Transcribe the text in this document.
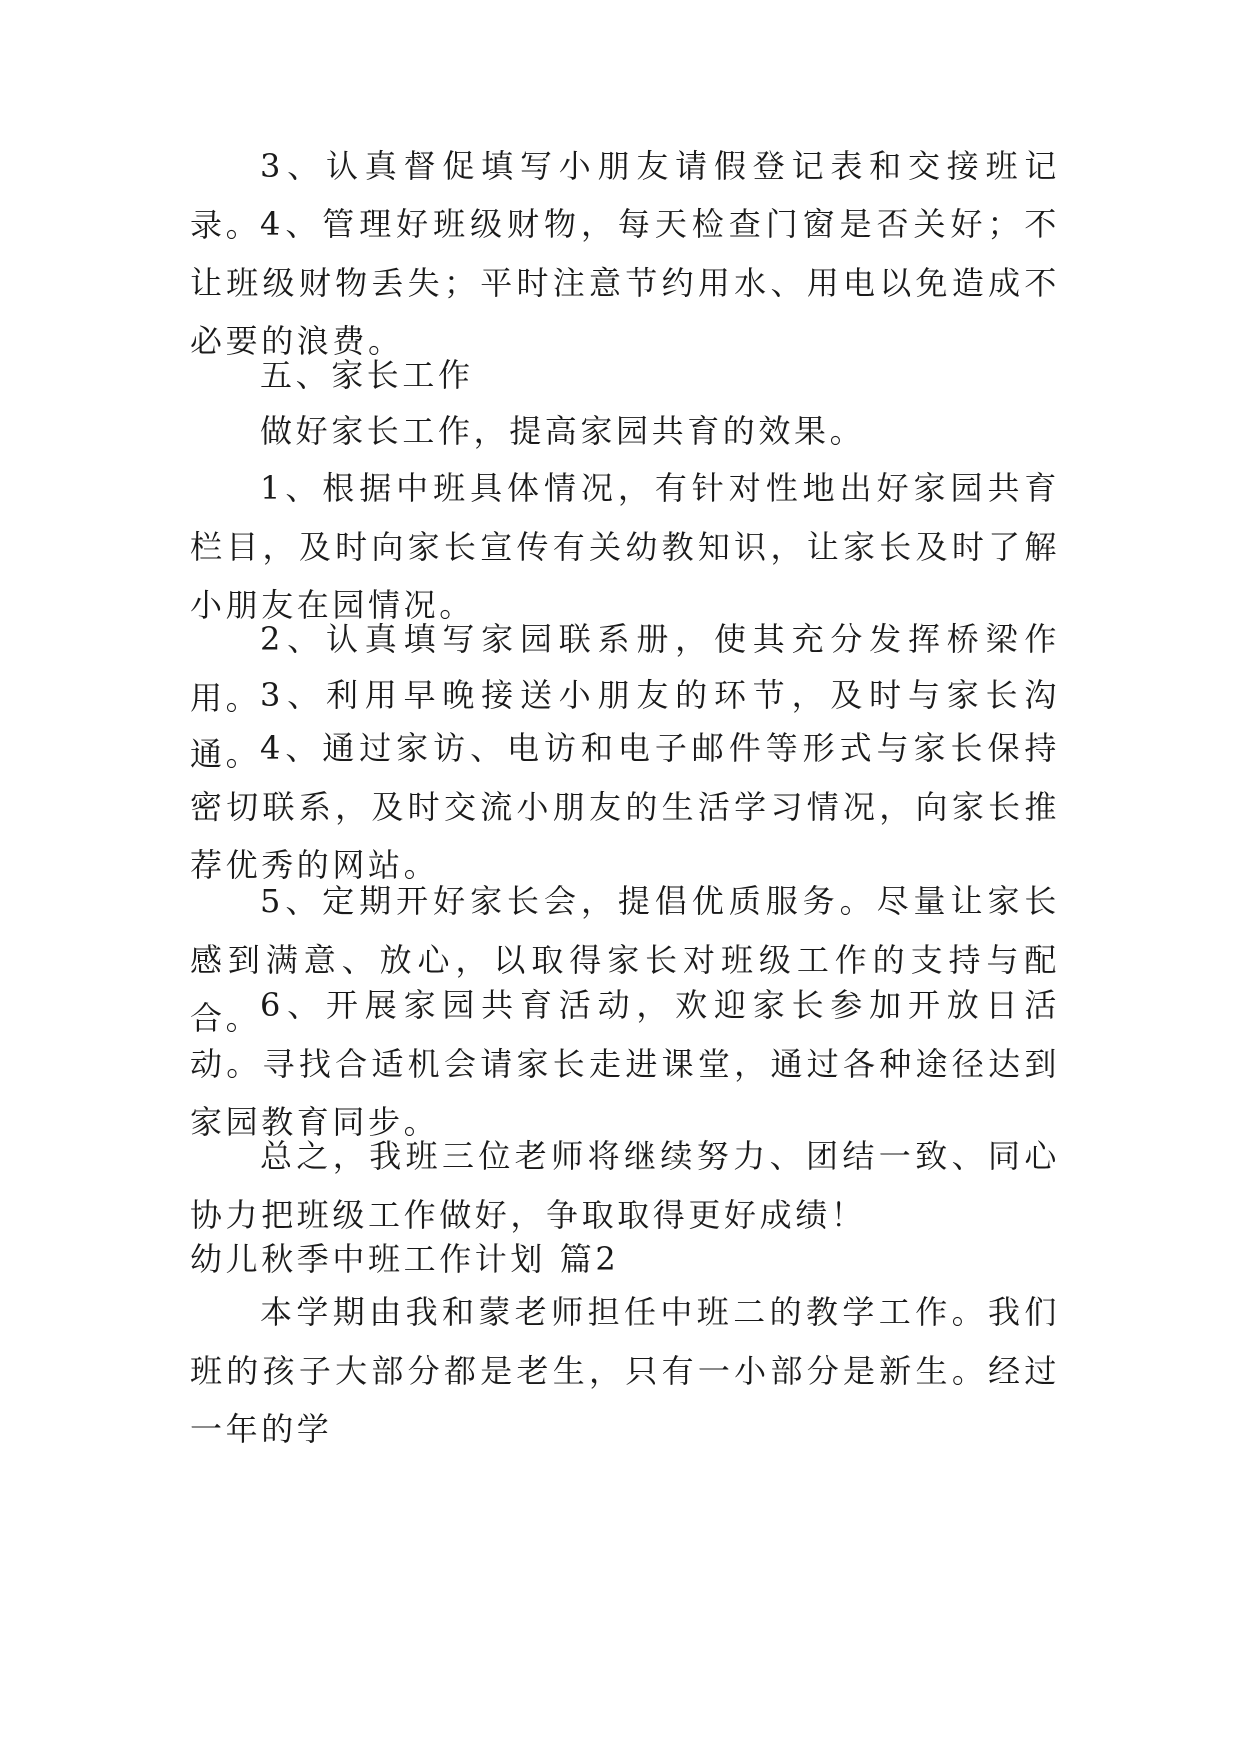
3、认真督促填写小朋友请假登记表和交接班记录。

4、管理好班级财物，每天检查门窗是否关好；不让班级财物丢失；平时注意节约用水、用电以免造成不必要的浪费。

五、家长工作

做好家长工作，提高家园共育的效果。

1、根据中班具体情况，有针对性地出好家园共育栏目，及时向家长宣传有关幼教知识，让家长及时了解小朋友在园情况。

2、认真填写家园联系册，使其充分发挥桥梁作用。

3、利用早晚接送小朋友的环节，及时与家长沟通。

4、通过家访、电访和电子邮件等形式与家长保持密切联系，及时交流小朋友的生活学习情况，向家长推荐优秀的网站。

5、定期开好家长会，提倡优质服务。尽量让家长感到满意、放心，以取得家长对班级工作的支持与配合。

6、开展家园共育活动，欢迎家长参加开放日活动。寻找合适机会请家长走进课堂，通过各种途径达到家园教育同步。

总之，我班三位老师将继续努力、团结一致、同心协力把班级工作做好，争取取得更好成绩！

幼儿秋季中班工作计划 篇2

本学期由我和蒙老师担任中班二的教学工作。我们班的孩子大部分都是老生，只有一小部分是新生。经过一年的学
